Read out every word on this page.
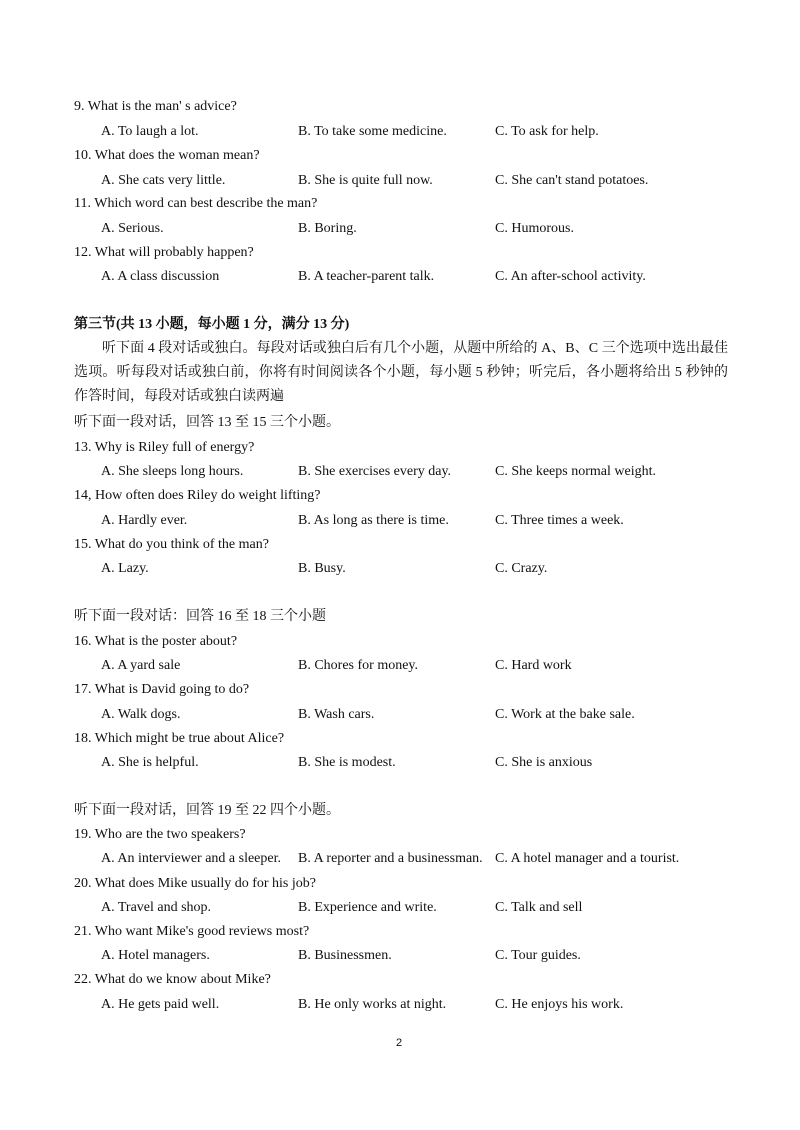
9. What is the man' s advice?
A. To laugh a lot.	B. To take some medicine.	C. To ask for help.
10. What does the woman mean?
A. She cats very little.	B. She is quite full now.	C. She can't stand potatoes.
11. Which word can best describe the man?
A. Serious.	B. Boring.	C. Humorous.
12. What will probably happen?
A. A class discussion	B. A teacher-parent talk.	C. An after-school activity.
第三节(共 13 小题，每小题 1 分，满分 13 分)
听下面 4 段对话或独白。每段对话或独白后有几个小题，从题中所给的 A、B、C 三个选项中选出最佳选项。听每段对话或独白前，你将有时间阅读各个小题，每小题 5 秒钟；听完后，各小题将给出 5 秒钟的作答时间，每段对话或独白读两遍
听下面一段对话，回答 13 至 15 三个小题。
13. Why is Riley full of energy?
A. She sleeps long hours.	B. She exercises every day.	C. She keeps normal weight.
14, How often does Riley do weight lifting?
A. Hardly ever.	B. As long as there is time.	C. Three times a week.
15. What do you think of the man?
A. Lazy.	B. Busy.	C. Crazy.
听下面一段对话：回答 16 至 18 三个小题
16. What is the poster about?
A. A yard sale	B. Chores for money.	C. Hard work
17. What is David going to do?
A. Walk dogs.	B. Wash cars.	C. Work at the bake sale.
18. Which might be true about Alice?
A. She is helpful.	B. She is modest.	C. She is anxious
听下面一段对话，回答 19 至 22 四个小题。
19. Who are the two speakers?
A. An interviewer and a sleeper. B. A reporter and a businessman. C. A hotel manager and a tourist.
20. What does Mike usually do for his job?
A. Travel and shop.	B. Experience and write.	C. Talk and sell
21. Who want Mike's good reviews most?
A. Hotel managers.	B. Businessmen.	C. Tour guides.
22. What do we know about Mike?
A. He gets paid well.	B. He only works at night.	C. He enjoys his work.
2
